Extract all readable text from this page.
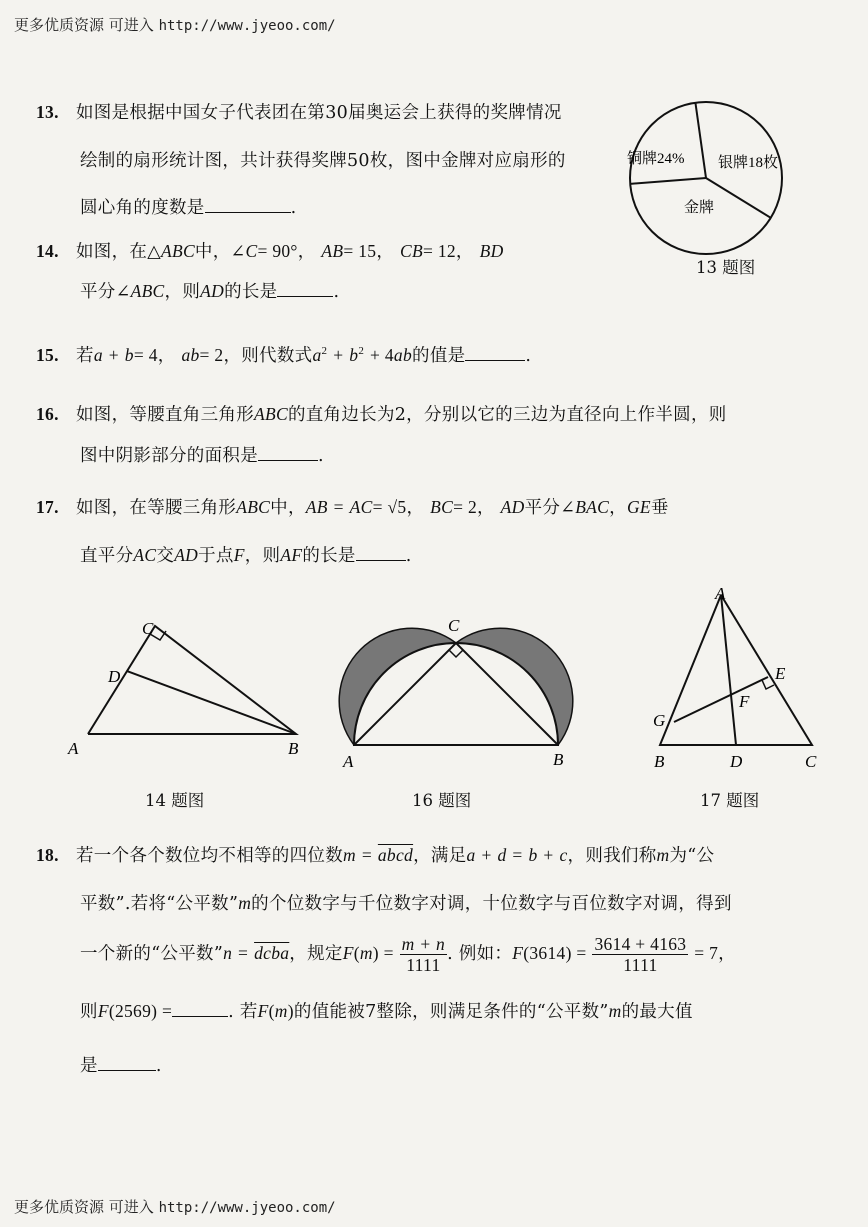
更多优质资源 可进入 http://www.jyeoo.com/
13. 如图是根据中国女子代表团在第30届奥运会上获得的奖牌情况
绘制的扇形统计图，共计获得奖牌50枚，图中金牌对应扇形的
圆心角的度数是	.
铜牌24% 银牌18枚
金牌
13 题图
14. 如图，在△ABC中，∠C= 90°， AB= 15， CB= 12， BD
平分∠ABC，则AD的长是	.
15. 若a + b= 4， ab= 2，则代数式$a^2 + b^2 + 4ab$的值是	.
16. 如图，等腰直角三角形ABC的直角边长为2，分别以它的三边为直径向上作半圆，则
图中阴影部分的面积是	.
17. 如图，在等腰三角形ABC中，AB = AC= √5， BC= 2， AD平分∠BAC，GE垂
直平分AC交AD于点F，则AF的长是	.
C
D
A	B
14 题图
C
A	B
16 题图
A
E
F
G
B	D	C
17 题图
18. 若一个各个数位均不相等的四位数m = abcd，满足a + d = b + c，则我们称m为“公
平数”.若将“公平数”m的个位数字与千位数字对调，十位数字与百位数字对调，得到
一个新的“公平数”n = dcba，规定$F(m) = \frac{m + n}{1111}$ . 例如：$F(3614) = \frac{3614 + 4163}{1111} = 7$，
则F(2569) =	. 若F(m)的值能被7整除，则满足条件的“公平数”m的最大值
是	.
更多优质资源 可进入 http://www.jyeoo.com/
